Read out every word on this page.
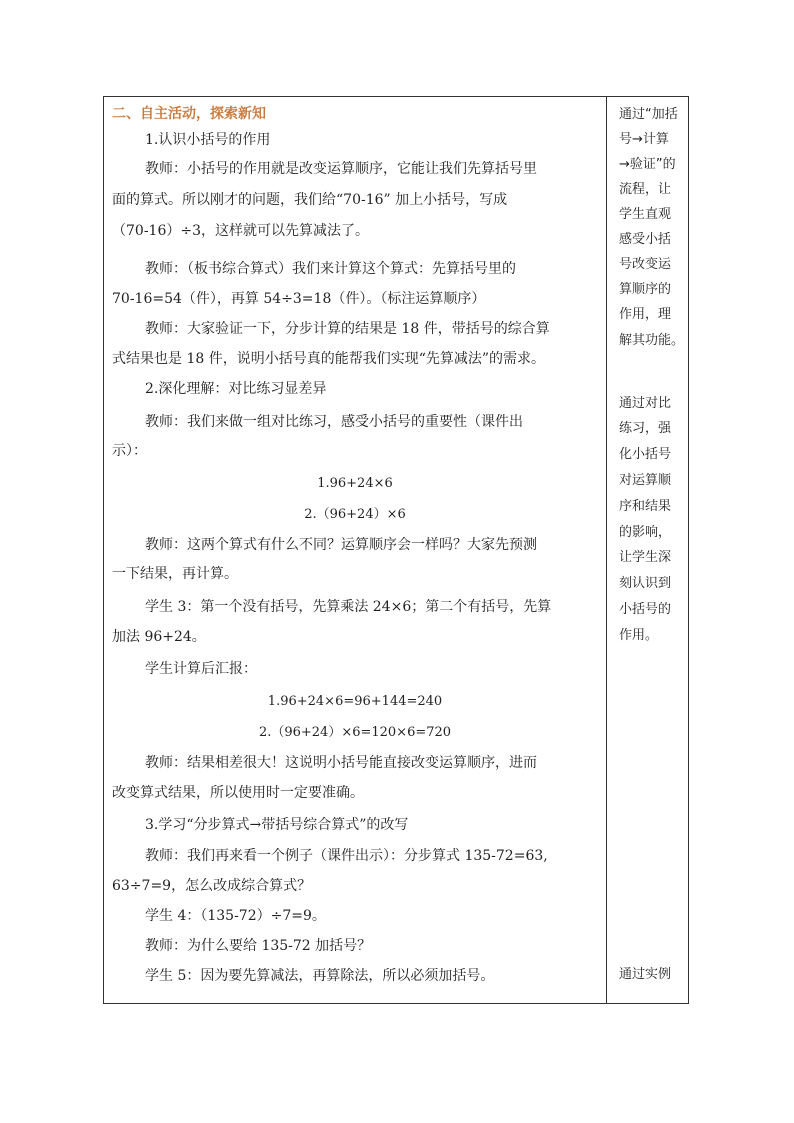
二、自主活动，探索新知
1.认识小括号的作用
教师：小括号的作用就是改变运算顺序，它能让我们先算括号里
面的算式。所以刚才的问题，我们给“70-16” 加上小括号，写成
（70-16）÷3，这样就可以先算减法了。
教师：（板书综合算式）我们来计算这个算式：先算括号里的
70-16=54（件），再算 54÷3=18（件）。（标注运算顺序）
教师：大家验证一下，分步计算的结果是 18 件，带括号的综合算
式结果也是 18 件，说明小括号真的能帮我们实现“先算减法”的需求。
2.深化理解：对比练习显差异
教师：我们来做一组对比练习，感受小括号的重要性（课件出
示）：
1.96+24×6
2.（96+24）×6
教师：这两个算式有什么不同？运算顺序会一样吗？大家先预测
一下结果，再计算。
学生 3：第一个没有括号，先算乘法 24×6；第二个有括号，先算
加法 96+24。
学生计算后汇报：
1.96+24×6=96+144=240
2.（96+24）×6=120×6=720
教师：结果相差很大！这说明小括号能直接改变运算顺序，进而
改变算式结果，所以使用时一定要准确。
3.学习“分步算式→带括号综合算式”的改写
教师：我们再来看一个例子（课件出示）：分步算式 135-72=63,
63÷7=9，怎么改成综合算式？
学生 4：（135-72）÷7=9。
教师：为什么要给 135-72 加括号？
学生 5：因为要先算减法，再算除法，所以必须加括号。
通过“加括
号→计算
→验证”的
流程，让
学生直观
感受小括
号改变运
算顺序的
作用，理
解其功能。
通过对比
练习，强
化小括号
对运算顺
序和结果
的影响，
让学生深
刻认识到
小括号的
作用。
通过实例
